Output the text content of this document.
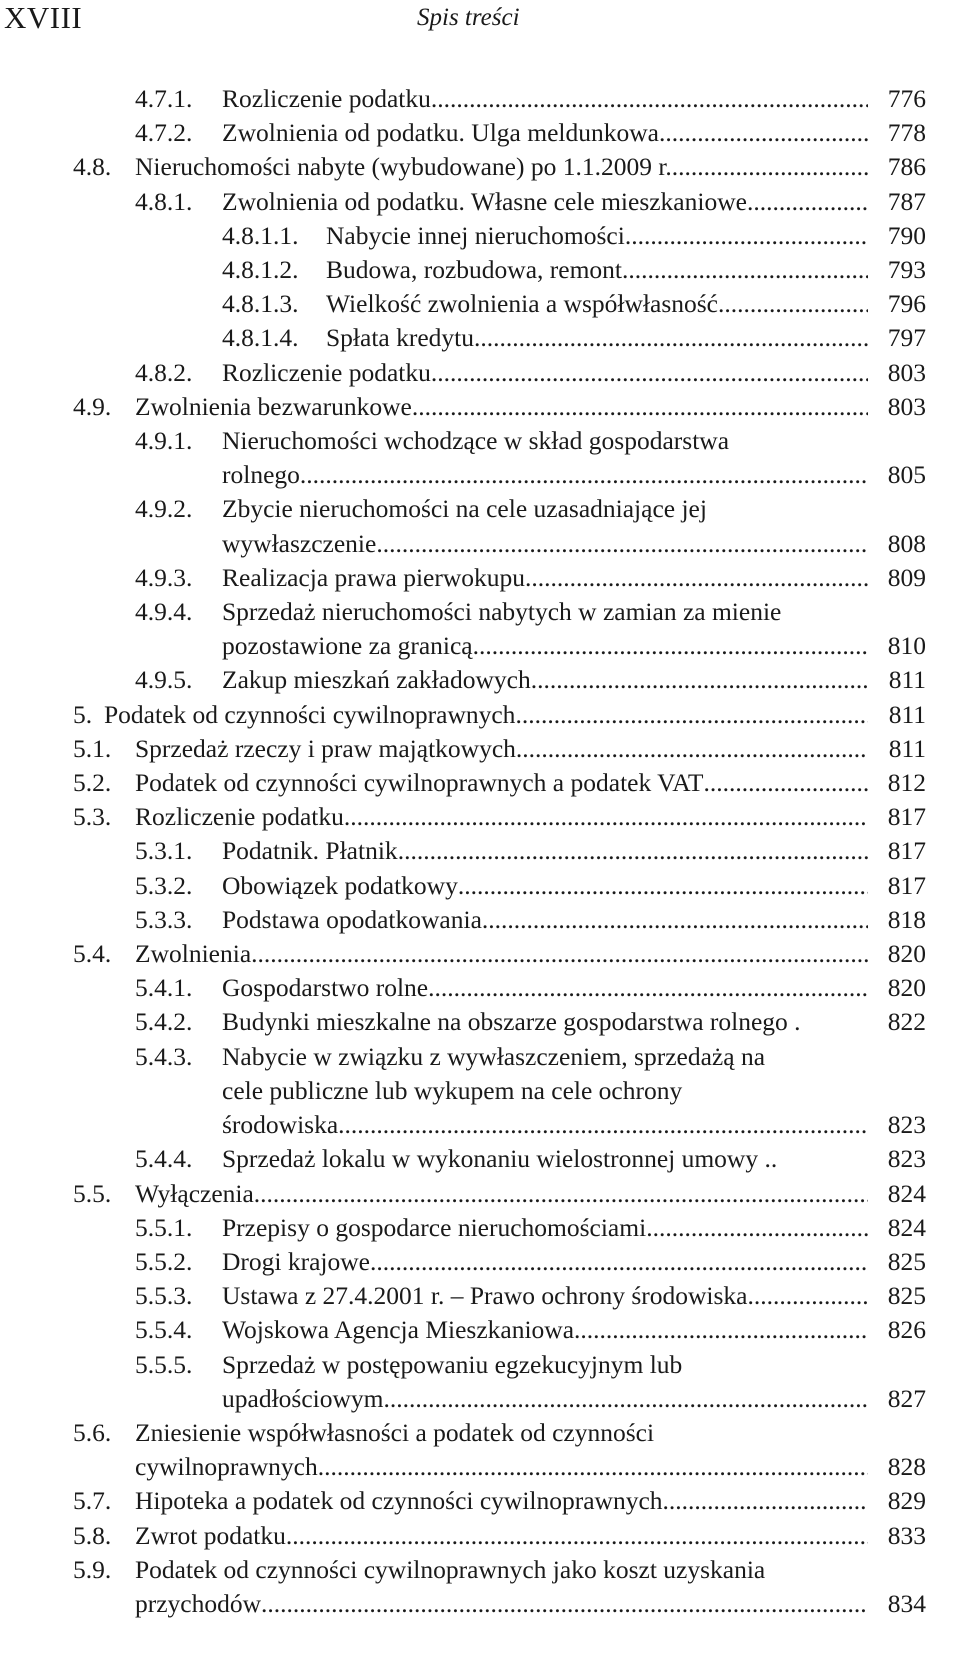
XVIII	Spis treści
4.7.1. Rozliczenie podatku .....	776
4.7.2. Zwolnienia od podatku. Ulga meldunkowa .....	778
4.8. Nieruchomości nabyte (wybudowane) po 1.1.2009 r. .....	786
4.8.1. Zwolnienia od podatku. Własne cele mieszkaniowe .....	787
4.8.1.1. Nabycie innej nieruchomości .....	790
4.8.1.2. Budowa, rozbudowa, remont .....	793
4.8.1.3. Wielkość zwolnienia a współwłasność .....	796
4.8.1.4. Spłata kredytu .....	797
4.8.2. Rozliczenie podatku .....	803
4.9. Zwolnienia bezwarunkowe .....	803
4.9.1. Nieruchomości wchodzące w skład gospodarstwa
rolnego .....	805
4.9.2. Zbycie nieruchomości na cele uzasadniające jej
wywłaszczenie .....	808
4.9.3. Realizacja prawa pierwokupu .....	809
4.9.4. Sprzedaż nieruchomości nabytych w zamian za mienie
pozostawione za granicą .....	810
4.9.5. Zakup mieszkań zakładowych .....	811
5. Podatek od czynności cywilnoprawnych .....	811
5.1. Sprzedaż rzeczy i praw majątkowych .....	811
5.2. Podatek od czynności cywilnoprawnych a podatek VAT .....	812
5.3. Rozliczenie podatku .....	817
5.3.1. Podatnik. Płatnik .....	817
5.3.2. Obowiązek podatkowy .....	817
5.3.3. Podstawa opodatkowania .....	818
5.4. Zwolnienia .....	820
5.4.1. Gospodarstwo rolne .....	820
5.4.2. Budynki mieszkalne na obszarze gospodarstwa rolnego .	822
5.4.3. Nabycie w związku z wywłaszczeniem, sprzedażą na
cele publiczne lub wykupem na cele ochrony
środowiska .....	823
5.4.4. Sprzedaż lokalu w wykonaniu wielostronnej umowy ..	823
5.5. Wyłączenia .....	824
5.5.1. Przepisy o gospodarce nieruchomościami .....	824
5.5.2. Drogi krajowe .....	825
5.5.3. Ustawa z 27.4.2001 r. – Prawo ochrony środowiska .....	825
5.5.4. Wojskowa Agencja Mieszkaniowa .....	826
5.5.5. Sprzedaż w postępowaniu egzekucyjnym lub
upadłościowym .....	827
5.6. Zniesienie współwłasności a podatek od czynności
cywilnoprawnych .....	828
5.7. Hipoteka a podatek od czynności cywilnoprawnych .....	829
5.8. Zwrot podatku .....	833
5.9. Podatek od czynności cywilnoprawnych jako koszt uzyskania
przychodów .....	834
